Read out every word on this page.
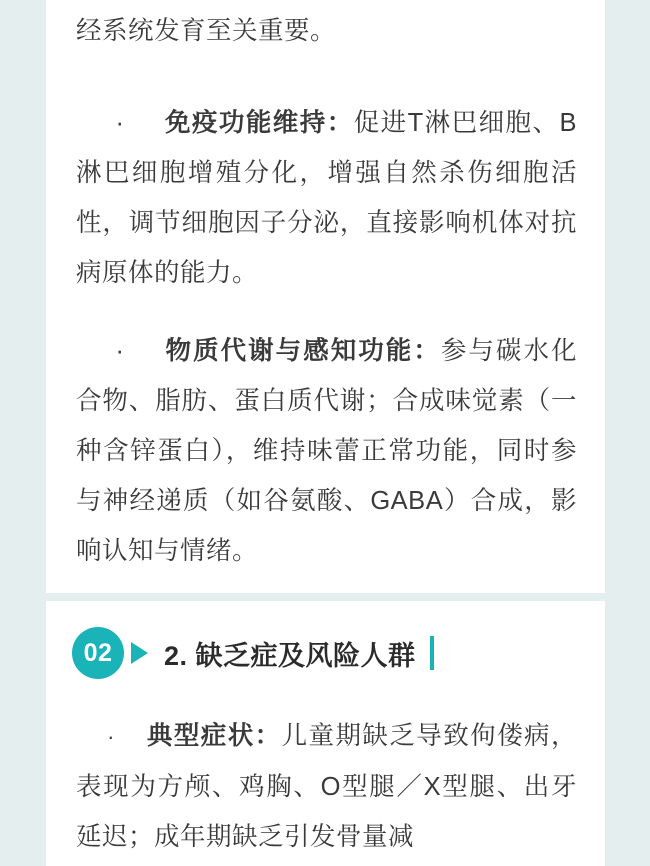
经系统发育至关重要。

· 免疫功能维持：促进T淋巴细胞、B淋巴细胞增殖分化，增强自然杀伤细胞活性，调节细胞因子分泌，直接影响机体对抗病原体的能力。

· 物质代谢与感知功能：参与碳水化合物、脂肪、蛋白质代谢；合成味觉素（一种含锌蛋白），维持味蕾正常功能，同时参与神经递质（如谷氨酸、GABA）合成，影响认知与情绪。

02	2. 缺乏症及风险人群

· 典型症状：儿童期缺乏导致佝偻病，表现为方颅、鸡胸、O型腿／X型腿、出牙延迟；成年期缺乏引发骨量减
